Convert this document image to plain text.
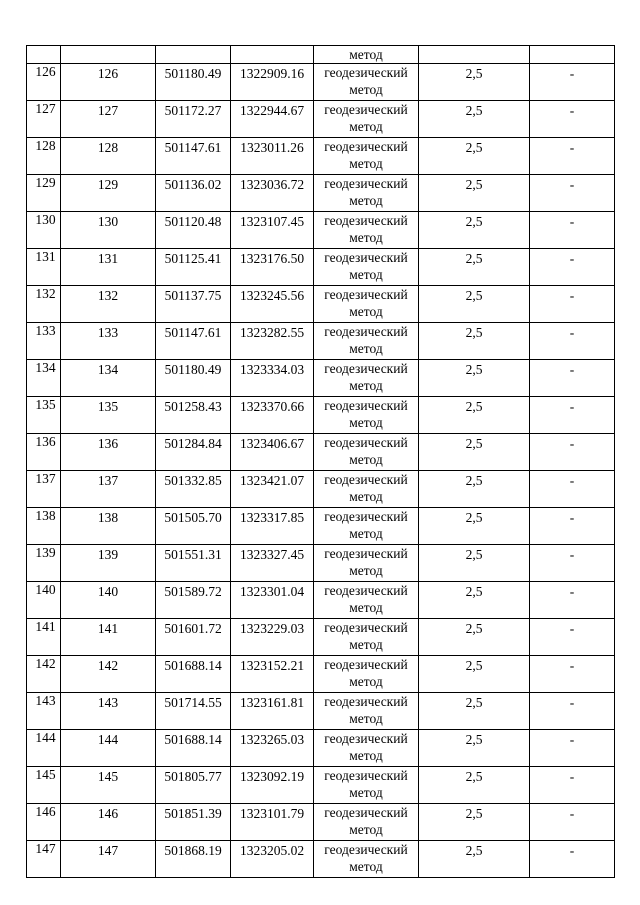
				метод		

126	126	501180.49	1322909.16	геодезический
метод	2,5	-
127	127	501172.27	1322944.67	геодезический
метод	2,5	-
128	128	501147.61	1323011.26	геодезический
метод	2,5	-
129	129	501136.02	1323036.72	геодезический
метод	2,5	-
130	130	501120.48	1323107.45	геодезический
метод	2,5	-
131	131	501125.41	1323176.50	геодезический
метод	2,5	-
132	132	501137.75	1323245.56	геодезический
метод	2,5	-
133	133	501147.61	1323282.55	геодезический
метод	2,5	-
134	134	501180.49	1323334.03	геодезический
метод	2,5	-
135	135	501258.43	1323370.66	геодезический
метод	2,5	-
136	136	501284.84	1323406.67	геодезический
метод	2,5	-
137	137	501332.85	1323421.07	геодезический
метод	2,5	-
138	138	501505.70	1323317.85	геодезический
метод	2,5	-
139	139	501551.31	1323327.45	геодезический
метод	2,5	-
140	140	501589.72	1323301.04	геодезический
метод	2,5	-
141	141	501601.72	1323229.03	геодезический
метод	2,5	-
142	142	501688.14	1323152.21	геодезический
метод	2,5	-
143	143	501714.55	1323161.81	геодезический
метод	2,5	-
144	144	501688.14	1323265.03	геодезический
метод	2,5	-
145	145	501805.77	1323092.19	геодезический
метод	2,5	-
146	146	501851.39	1323101.79	геодезический
метод	2,5	-
147	147	501868.19	1323205.02	геодезический
метод	2,5	-
